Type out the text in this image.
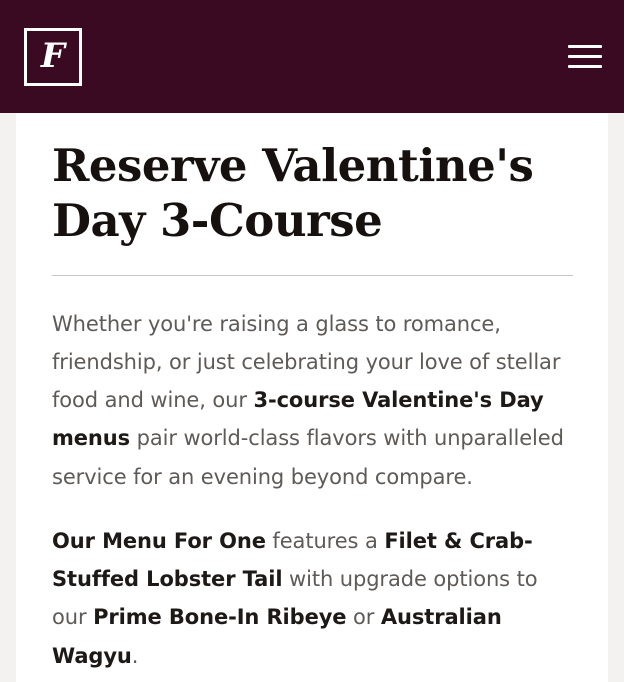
F
Reserve Valentine's Day 3-Course

Whether you're raising a glass to romance, friendship, or just celebrating your love of stellar food and wine, our 3-course Valentine's Day menus pair world-class flavors with unparalleled service for an evening beyond compare.

Our Menu For One features a Filet & Crab-Stuffed Lobster Tail with upgrade options to our Prime Bone-In Ribeye or Australian Wagyu.
